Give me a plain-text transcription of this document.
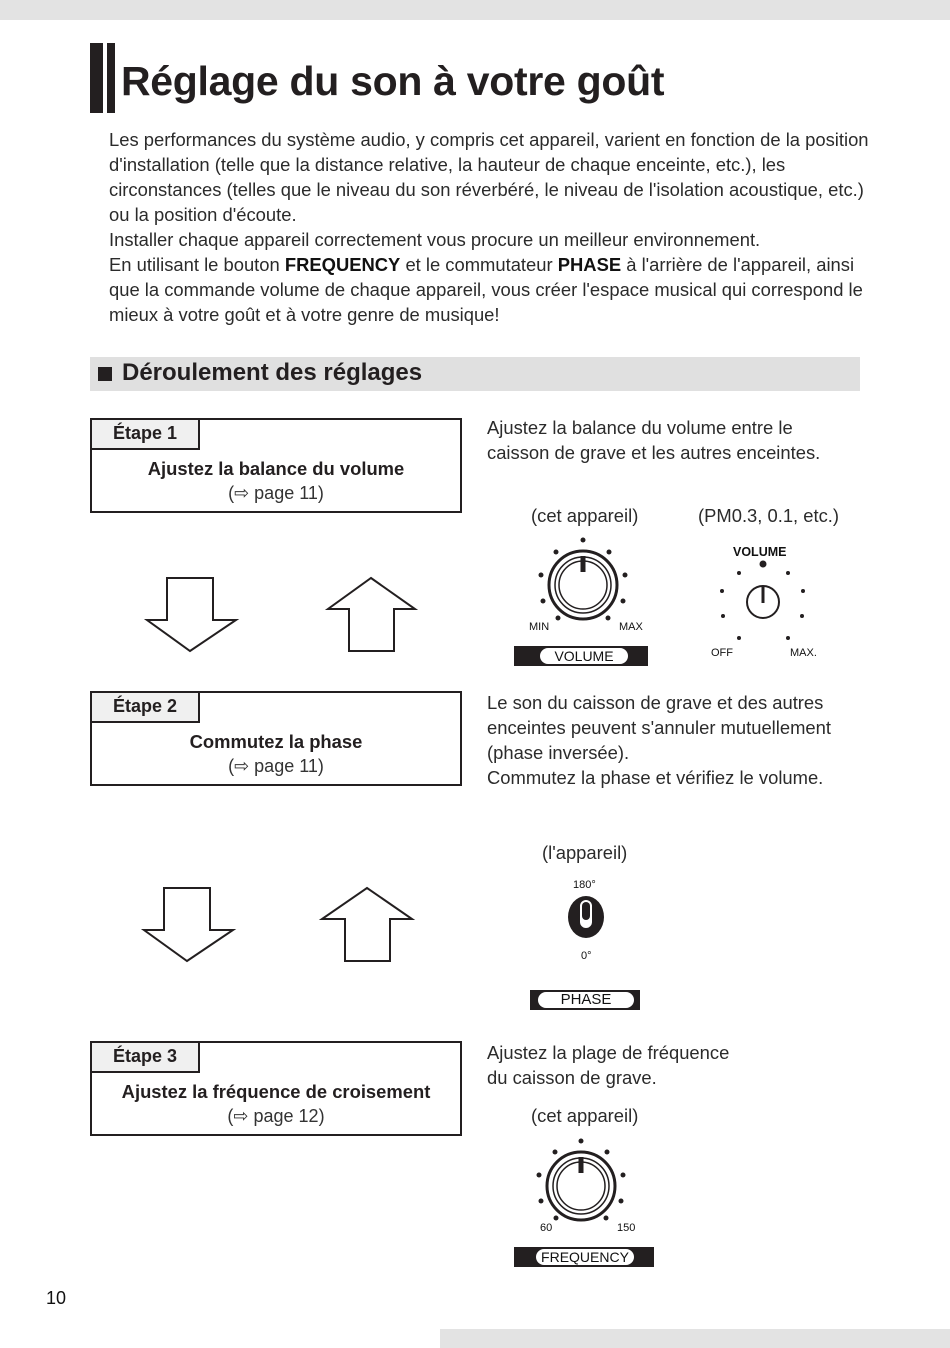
Réglage du son à votre goût

Les performances du système audio, y compris cet appareil, varient en fonction de la position d'installation (telle que la distance relative, la hauteur de chaque enceinte, etc.), les circonstances (telles que le niveau du son réverbéré, le niveau de l'isolation acoustique, etc.) ou la position d'écoute.

Installer chaque appareil correctement vous procure un meilleur environnement.

En utilisant le bouton FREQUENCY et le commutateur PHASE à l'arrière de l'appareil, ainsi que la commande volume de chaque appareil, vous créer l'espace musical qui correspond le mieux à votre goût et à votre genre de musique!

Déroulement des réglages
Étape 1
Ajustez la balance du volume
(⇨ page 11)
Étape 2
Commutez la phase
(⇨ page 11)
Étape 3
Ajustez la fréquence de croisement
(⇨ page 12)
Ajustez la balance du volume entre le caisson de grave et les autres enceintes.
(cet appareil)	(PM0.3, 0.1, etc.)
MIN	MAX
VOLUME
VOLUME
OFF	MAX.

Le son du caisson de grave et des autres enceintes peuvent s'annuler mutuellement (phase inversée).

Commutez la phase et vérifiez le volume.

(l'appareil)
180°
0°
PHASE
Ajustez la plage de fréquence du caisson de grave.
(cet appareil)
60	150
FREQUENCY
10
